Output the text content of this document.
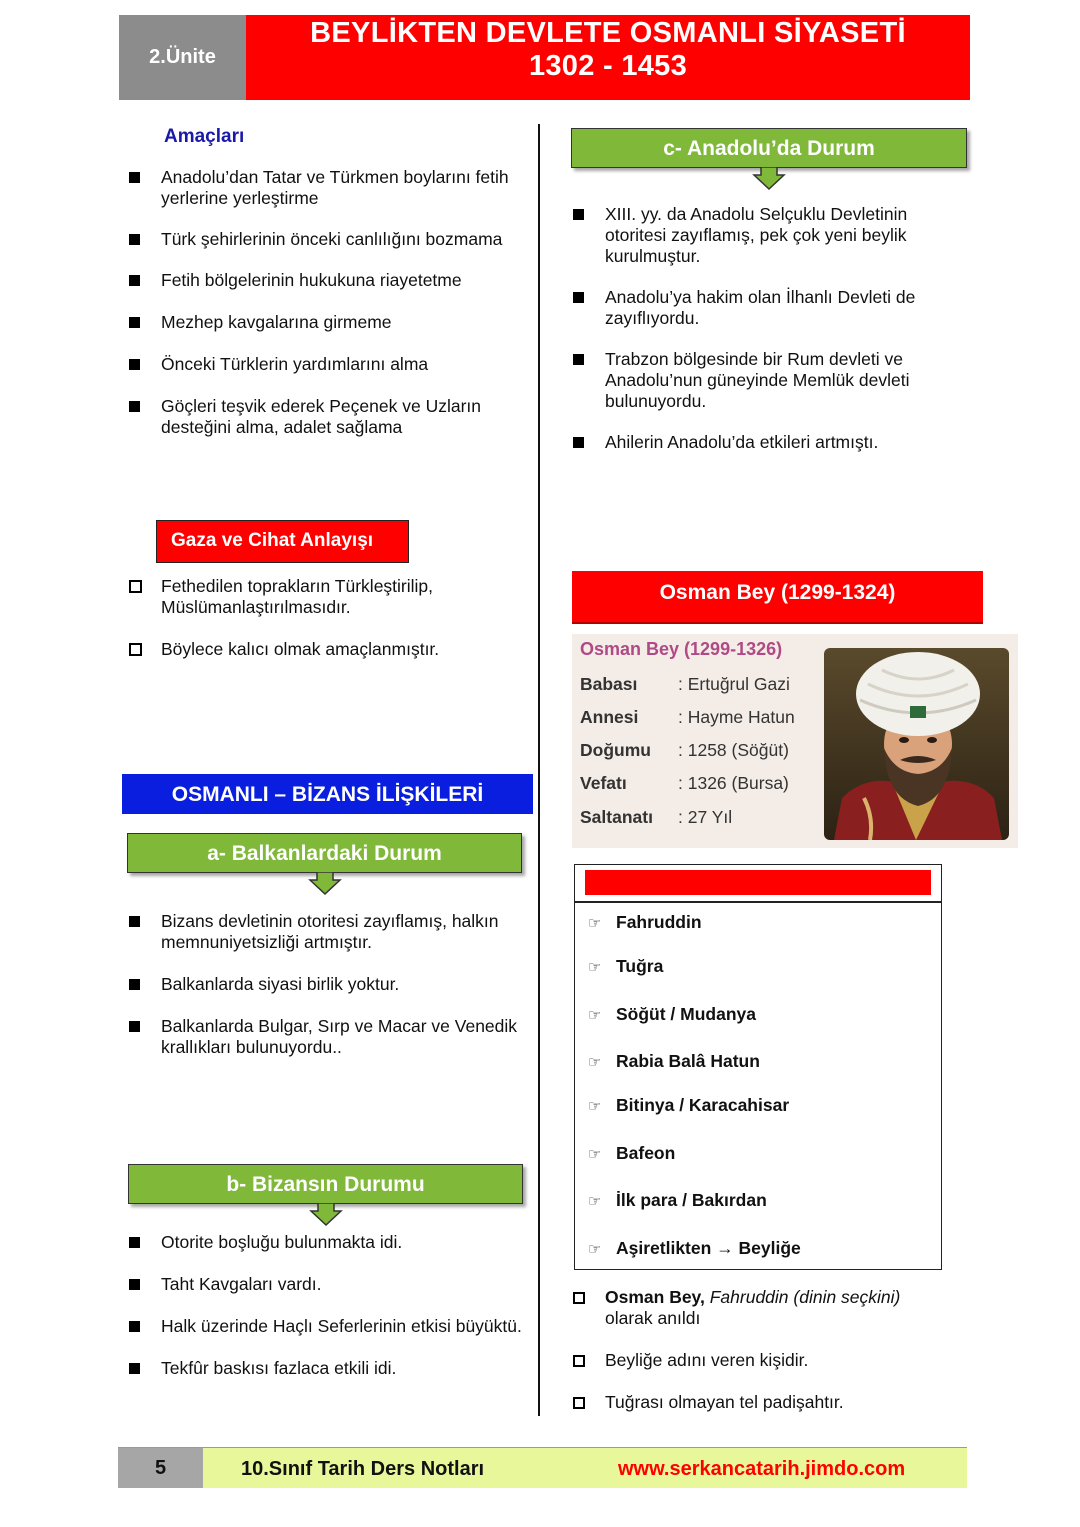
2.Ünite
BEYLİKTEN DEVLETE OSMANLI SİYASETİ
1302 - 1453
Amaçları
Anadolu’dan Tatar ve Türkmen boylarını fetih yerlerine yerleştirme
Türk şehirlerinin önceki canlılığını bozmama
Fetih bölgelerinin hukukuna riayetetme
Mezhep kavgalarına girmeme
Önceki Türklerin yardımlarını alma
Göçleri teşvik ederek Peçenek ve Uzların desteğini alma, adalet sağlama
Gaza ve Cihat Anlayışı
Fethedilen toprakların Türkleştirilip, Müslümanlaştırılmasıdır.
Böylece kalıcı olmak amaçlanmıştır.
OSMANLI – BİZANS İLİŞKİLERİ
a- Balkanlardaki Durum
Bizans devletinin otoritesi zayıflamış, halkın memnuniyetsizliği artmıştır.
Balkanlarda siyasi birlik yoktur.
Balkanlarda Bulgar, Sırp ve Macar ve Venedik krallıkları bulunuyordu..
b- Bizansın Durumu
Otorite boşluğu bulunmakta idi.
Taht Kavgaları vardı.
Halk üzerinde Haçlı Seferlerinin etkisi büyüktü.
Tekfûr baskısı fazlaca etkili idi.
c- Anadolu’da Durum
XIII. yy. da Anadolu Selçuklu Devletinin otoritesi zayıflamış, pek çok yeni beylik kurulmuştur.
Anadolu’ya hakim olan İlhanlı Devleti de zayıflıyordu.
Trabzon bölgesinde bir Rum devleti ve Anadolu’nun güneyinde Memlük devleti bulunuyordu.
Ahilerin Anadolu’da etkileri artmıştı.
Osman Bey (1299-1324)
Osman Bey (1299-1326)
Babası : Ertuğrul Gazi
Annesi : Hayme Hatun
Doğumu : 1258 (Söğüt)
Vefatı	: 1326 (Bursa)
Saltanatı : 27 Yıl
☞ Fahruddin
☞ Tuğra
☞ Söğüt / Mudanya
☞ Rabia Balâ Hatun
☞ Bitinya / Karacahisar
☞ Bafeon
☞ İlk para / Bakırdan
☞ Aşiretlikten → Beyliğe
Osman Bey, Fahruddin (dinin seçkini)
olarak anıldı
Beyliğe adını veren kişidir.
Tuğrası olmayan tel padişahtır.
5	10.Sınıf Tarih Ders Notları	www.serkancatarih.jimdo.com
